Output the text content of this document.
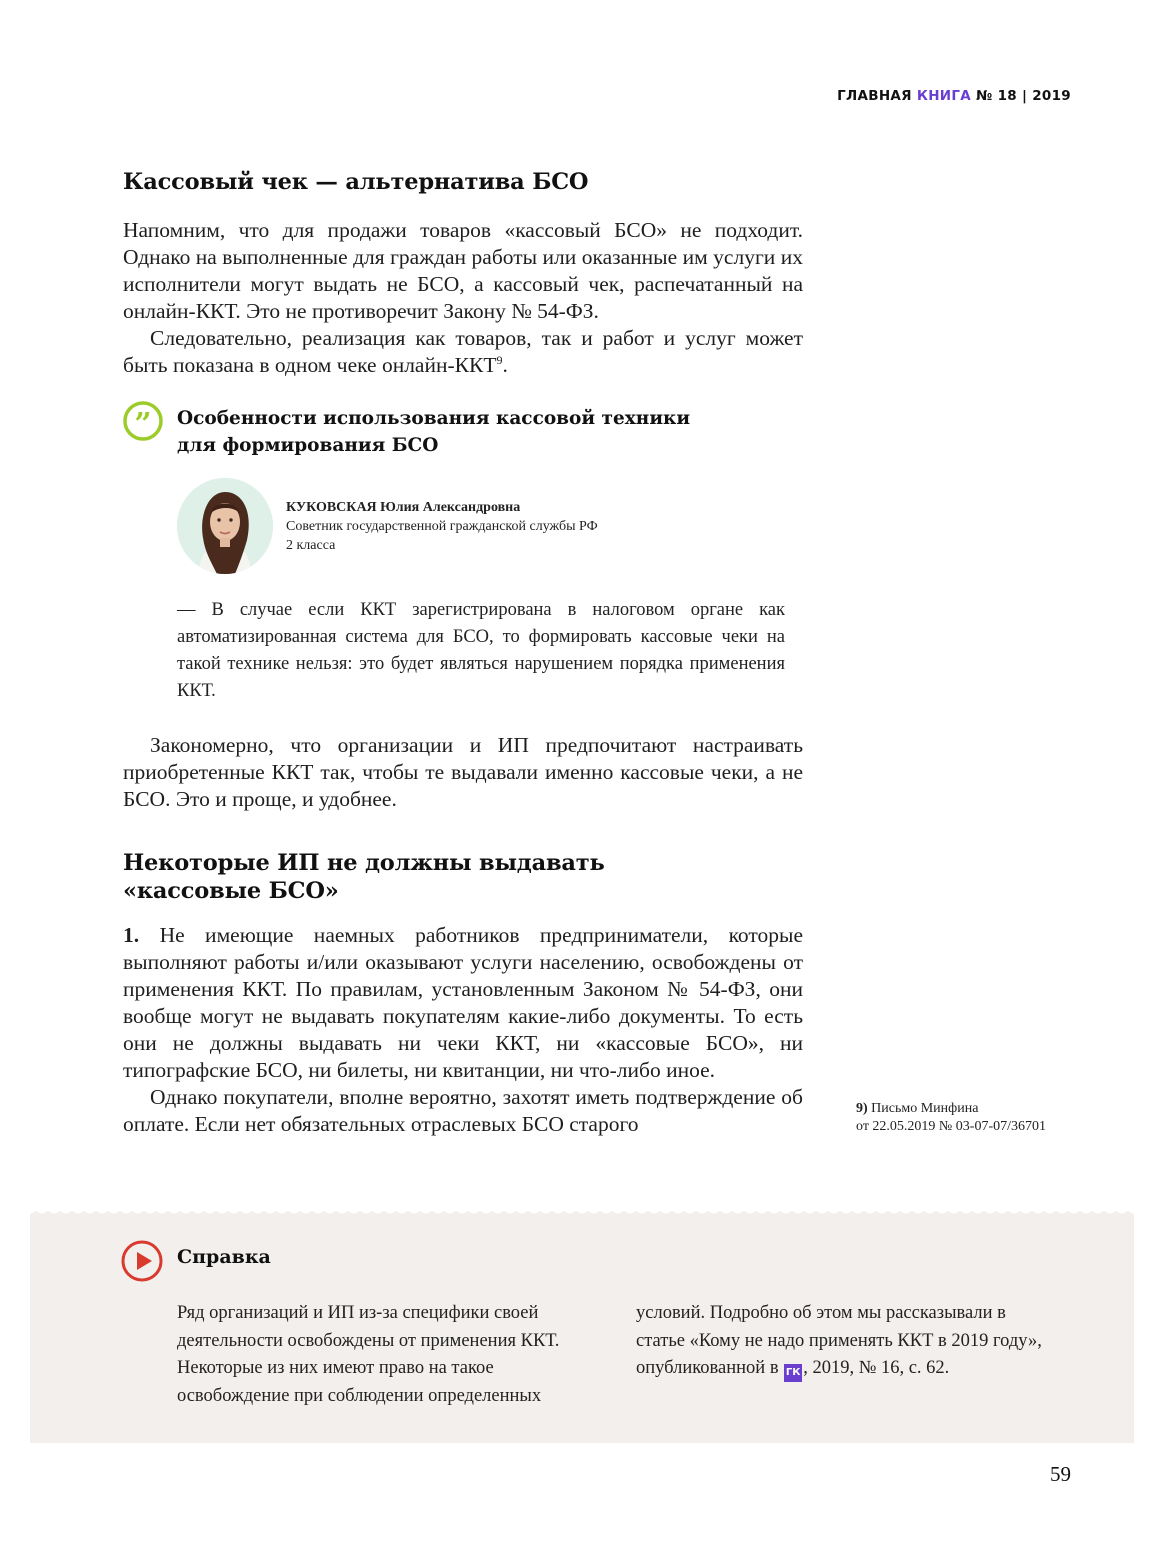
ГЛАВНАЯ КНИГА № 18 | 2019
Кассовый чек — альтернатива БСО

Напомним, что для продажи товаров «кассовый БСО» не подходит. Однако на выполненные для граждан работы или оказанные им услуги их исполнители могут выдать не БСО, а кассовый чек, распечатанный на онлайн-ККТ. Это не противоречит Закону № 54-ФЗ.

Следовательно, реализация как товаров, так и работ и услуг может быть показана в одном чеке онлайн-ККТ$^9$.

” Особенности использования кассовой техники
для формирования БСО
КУКОВСКАЯ Юлия Александровна
Советник государственной гражданской службы РФ
2 класса
— В случае если ККТ зарегистрирована в налоговом органе как автоматизированная система для БСО, то формировать кассовые чеки на такой технике нельзя: это будет являться нарушением порядка применения ККТ.

Закономерно, что организации и ИП предпочитают настраивать приобретенные ККТ так, чтобы те выдавали именно кассовые чеки, а не БСО. Это и проще, и удобнее.

Некоторые ИП не должны выдавать
«кассовые БСО»

1. Не имеющие наемных работников предприниматели, которые выполняют работы и/или оказывают услуги населению, освобождены от применения ККТ. По правилам, установленным Законом № 54-ФЗ, они вообще могут не выдавать покупателям какие-либо документы. То есть они не должны выдавать ни чеки ККТ, ни «кассовые БСО», ни типографские БСО, ни билеты, ни квитанции, ни что-либо иное.

Однако покупатели, вполне вероятно, захотят иметь подтверждение об оплате. Если нет обязательных отраслевых БСО старого

9) Письмо Минфина
от 22.05.2019 № 03-07-07/36701
Справка
Ряд организаций и ИП из-за специфики своей деятельности освобождены от применения ККТ. Некоторые из них имеют право на такое освобождение при соблюдении определенных
условий. Подробно об этом мы рассказывали в статье «Кому не надо применять ККТ в 2019 году», опубликованной в ГК , 2019, № 16, с. 62.
59
